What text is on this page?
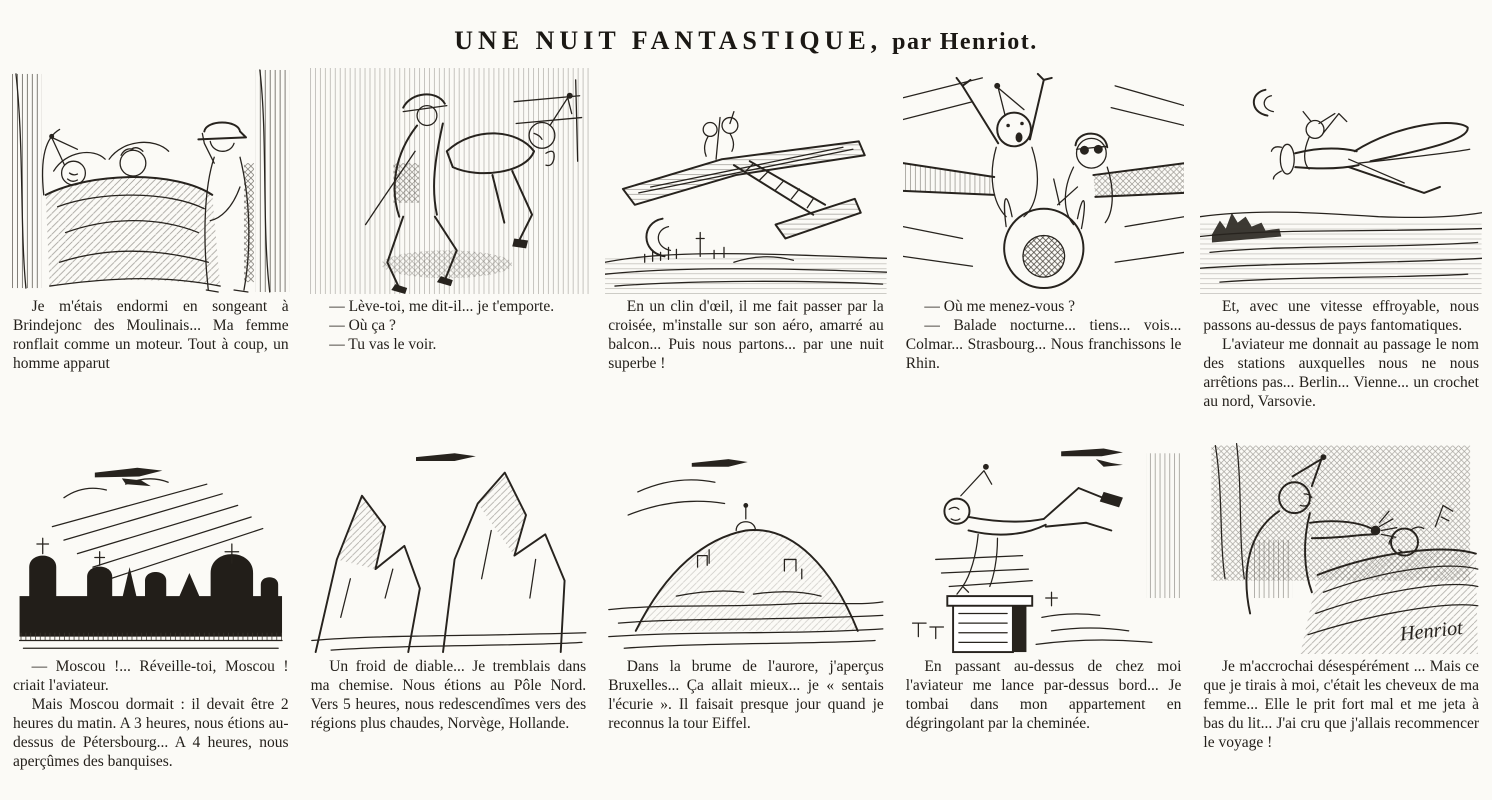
UNE NUIT FANTASTIQUE, par Henriot.

Je m'étais endormi en songeant à Brindejonc des Moulinais... Ma femme ronflait comme un moteur. Tout à coup, un homme apparut

— Lève-toi, me dit-il... je t'emporte.

— Où ça ?

— Tu vas le voir.

En un clin d'œil, il me fait passer par la croisée, m'installe sur son aéro, amarré au balcon... Puis nous partons... par une nuit superbe !

— Où me menez-vous ?

— Balade nocturne... tiens... vois... Colmar... Strasbourg... Nous franchissons le Rhin.

Et, avec une vitesse effroyable, nous passons au-dessus de pays fantomatiques.

L'aviateur me donnait au passage le nom des stations auxquelles nous ne nous arrêtions pas... Berlin... Vienne... un crochet au nord, Varsovie.

— Moscou !... Réveille-toi, Moscou ! criait l'aviateur.

Mais Moscou dormait : il devait être 2 heures du matin. A 3 heures, nous étions au-dessus de Pétersbourg... A 4 heures, nous aperçûmes des banquises.

Un froid de diable... Je tremblais dans ma chemise. Nous étions au Pôle Nord. Vers 5 heures, nous redescendîmes vers des régions plus chaudes, Norvège, Hollande.

Dans la brume de l'aurore, j'aperçus Bruxelles... Ça allait mieux... je « sentais l'écurie ». Il faisait presque jour quand je reconnus la tour Eiffel.

En passant au-dessus de chez moi l'aviateur me lance par-dessus bord... Je tombai dans mon appartement en dégringolant par la cheminée.

Henriot

Je m'accrochai désespérément ... Mais ce que je tirais à moi, c'était les cheveux de ma femme... Elle le prit fort mal et me jeta à bas du lit... J'ai cru que j'allais recommencer le voyage !
